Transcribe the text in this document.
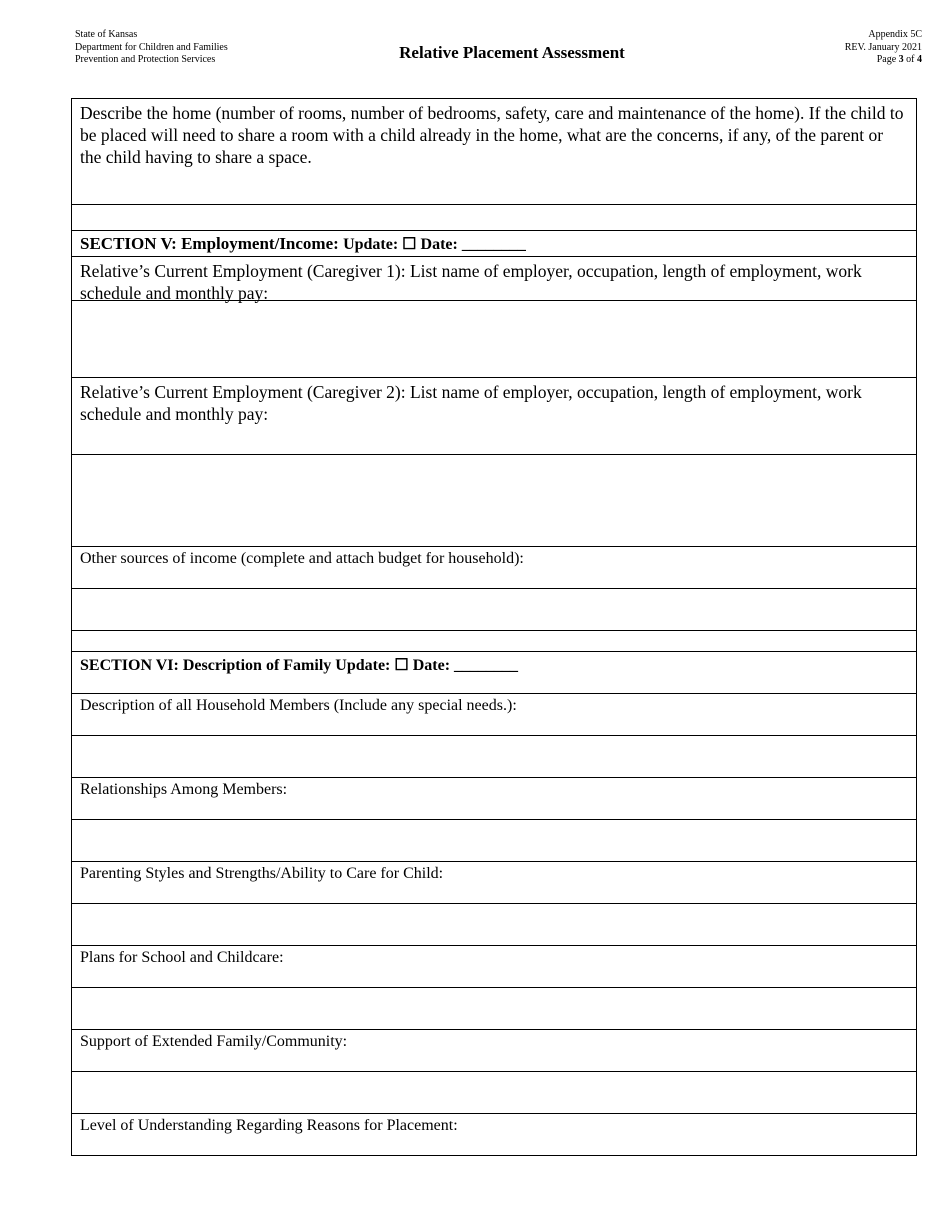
State of Kansas
Department for Children and Families
Prevention and Protection Services	Relative Placement Assessment
Appendix 5C
REV. January 2021
Page 3 of 4
Describe the home (number of rooms, number of bedrooms, safety, care and maintenance of the home). If the child to be placed will need to share a room with a child already in the home, what are the concerns, if any, of the parent or the child having to share a space.
SECTION V: Employment/Income: Update: ☐ Date: ________
Relative’s Current Employment (Caregiver 1): List name of employer, occupation, length of employment, work schedule and monthly pay:
Relative’s Current Employment (Caregiver 2): List name of employer, occupation, length of employment, work schedule and monthly pay:
Other sources of income (complete and attach budget for household):
SECTION VI: Description of Family Update: ☐ Date: ________
Description of all Household Members (Include any special needs.):
Relationships Among Members:
Parenting Styles and Strengths/Ability to Care for Child:
Plans for School and Childcare:
Support of Extended Family/Community:
Level of Understanding Regarding Reasons for Placement:
